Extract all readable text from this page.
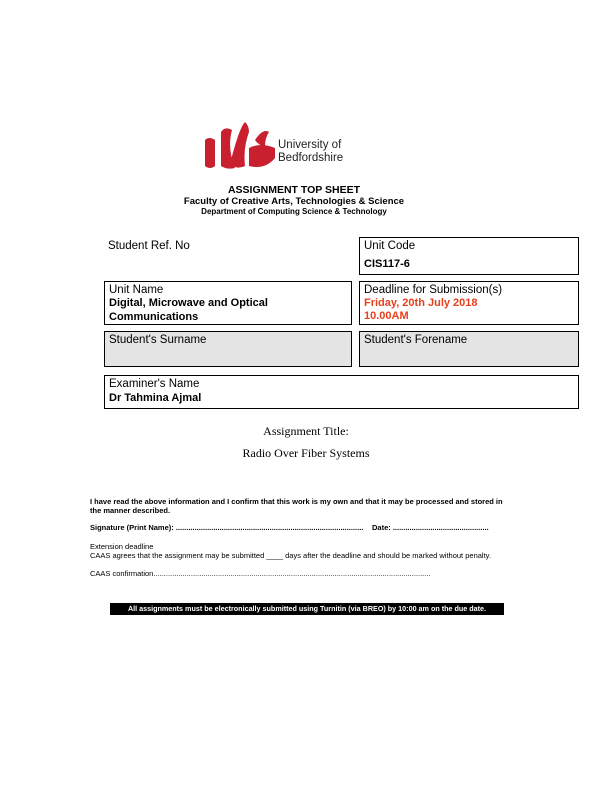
University of
Bedfordshire
ASSIGNMENT TOP SHEET
Faculty of Creative Arts, Technologies & Science
Department of Computing Science & Technology
Student Ref. No	Unit Code
CIS117-6
Unit Name
Digital, Microwave and Optical
Communications
Deadline for Submission(s)
Friday, 20th July 2018
10.00AM
Student's Surname	Student's Forename
Examiner's Name
Dr Tahmina Ajmal
Assignment Title:
Radio Over Fiber Systems
I have read the above information and I confirm that this work is my own and that it may be processed and stored in
the manner described.
Signature (Print Name): .......................................................................................... Date: ..............................................
Extension deadline
CAAS agrees that the assignment may be submitted ____ days after the deadline and should be marked without penalty.
CAAS confirmation.....................................................................................................................................
All assignments must be electronically submitted using Turnitin (via BREO) by 10:00 am on the due date.
